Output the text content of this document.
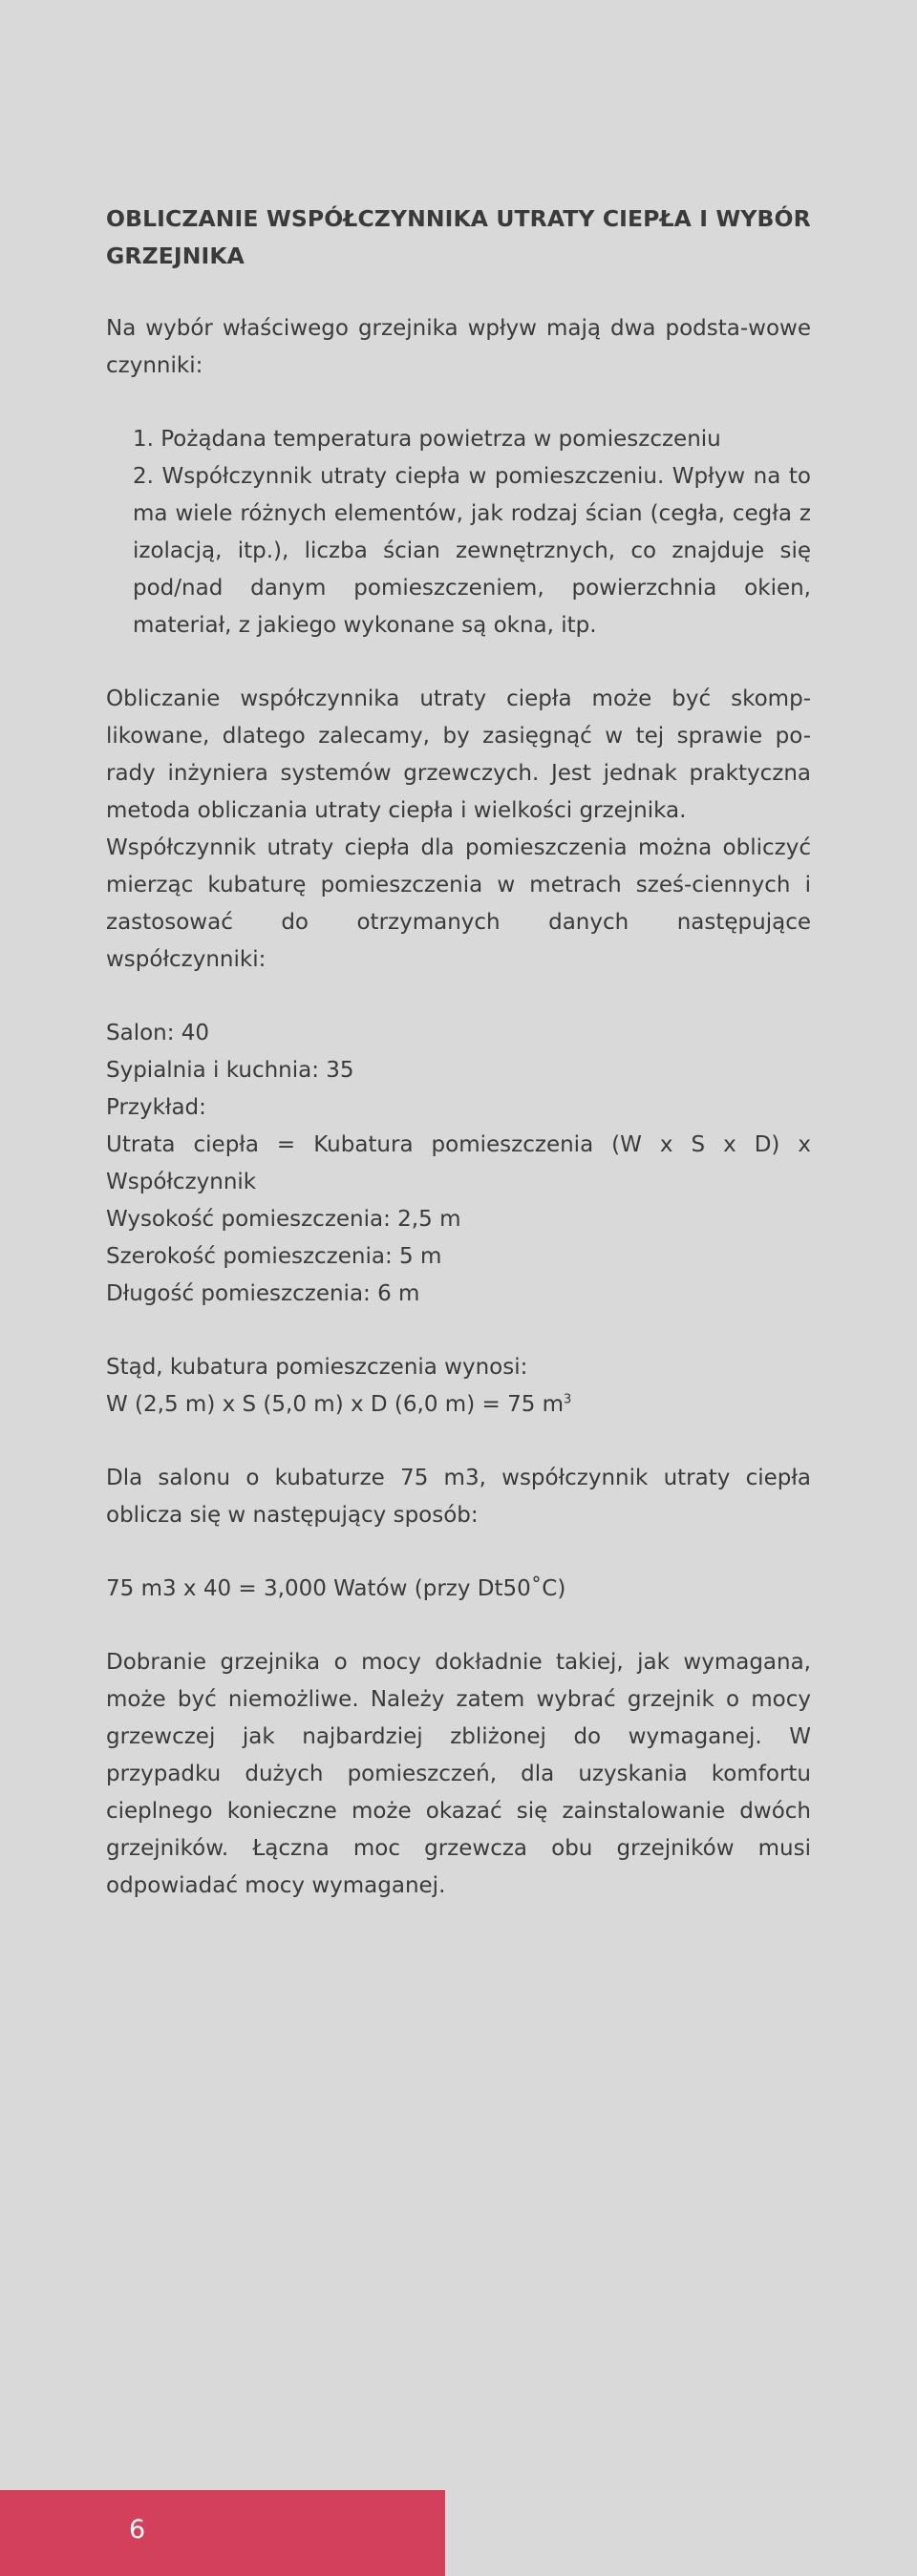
OBLICZANIE WSPÓŁCZYNNIKA UTRATY CIEPŁA I WYBÓR GRZEJNIKA

Na wybór właściwego grzejnika wpływ mają dwa podsta-wowe czynniki:

1. Pożądana temperatura powietrza w pomieszczeniu
2. Współczynnik utraty ciepła w pomieszczeniu. Wpływ na to ma wiele różnych elementów, jak rodzaj ścian (cegła, cegła z izolacją, itp.), liczba ścian zewnętrznych, co znajduje się pod/nad danym pomieszczeniem, powierzchnia okien, materiał, z jakiego wykonane są okna, itp.

Obliczanie współczynnika utraty ciepła może być skomp-likowane, dlatego zalecamy, by zasięgnąć w tej sprawie po-rady inżyniera systemów grzewczych. Jest jednak praktyczna metoda obliczania utraty ciepła i wielkości grzejnika.

Współczynnik utraty ciepła dla pomieszczenia można obliczyć mierząc kubaturę pomieszczenia w metrach sześ-ciennych i zastosować do otrzymanych danych następujące współczynniki:

Salon: 40
Sypialnia i kuchnia: 35
Przykład:
Utrata ciepła = Kubatura pomieszczenia (W x S x D) x Współczynnik
Wysokość pomieszczenia: 2,5 m
Szerokość pomieszczenia: 5 m
Długość pomieszczenia: 6 m
Stąd, kubatura pomieszczenia wynosi:
W (2,5 m) x S (5,0 m) x D (6,0 m) = 75 $m^3$

Dla salonu o kubaturze 75 m3, współczynnik utraty ciepła oblicza się w następujący sposób:

75 m3 x 40 = 3,000 Watów (przy Dt50˚C)

Dobranie grzejnika o mocy dokładnie takiej, jak wymagana, może być niemożliwe. Należy zatem wybrać grzejnik o mocy grzewczej jak najbardziej zbliżonej do wymaganej. W przypadku dużych pomieszczeń, dla uzyskania komfortu cieplnego konieczne może okazać się zainstalowanie dwóch grzejników. Łączna moc grzewcza obu grzejników musi odpowiadać mocy wymaganej.

6
